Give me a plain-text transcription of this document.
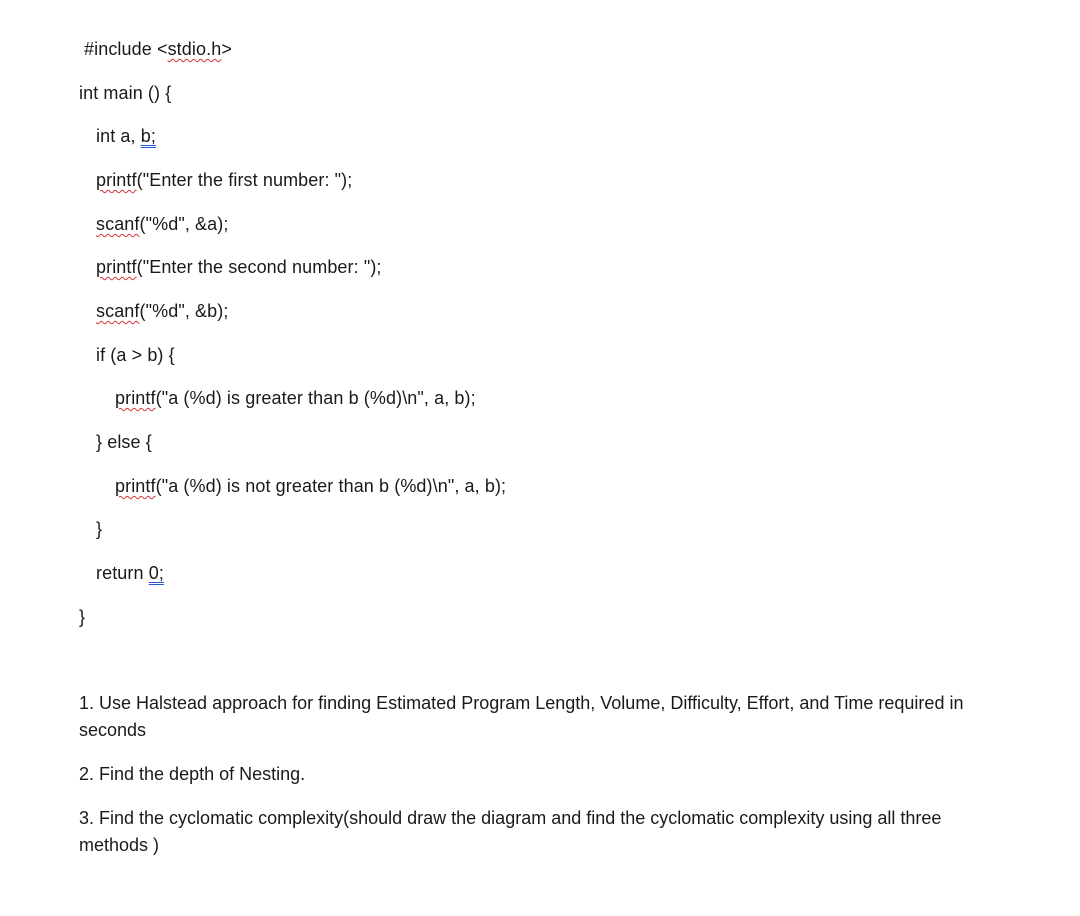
#include <stdio.h>
int main () {
int a, b;
printf("Enter the first number: ");
scanf("%d", &a);
printf("Enter the second number: ");
scanf("%d", &b);
if (a > b) {
printf("a (%d) is greater than b (%d)\n", a, b);
} else {
printf("a (%d) is not greater than b (%d)\n", a, b);
}
return 0;
}
1. Use Halstead approach for finding Estimated Program Length, Volume, Difficulty, Effort, and Time required in seconds
2. Find the depth of Nesting.
3. Find the cyclomatic complexity(should draw the diagram and find the cyclomatic complexity using all three methods )
